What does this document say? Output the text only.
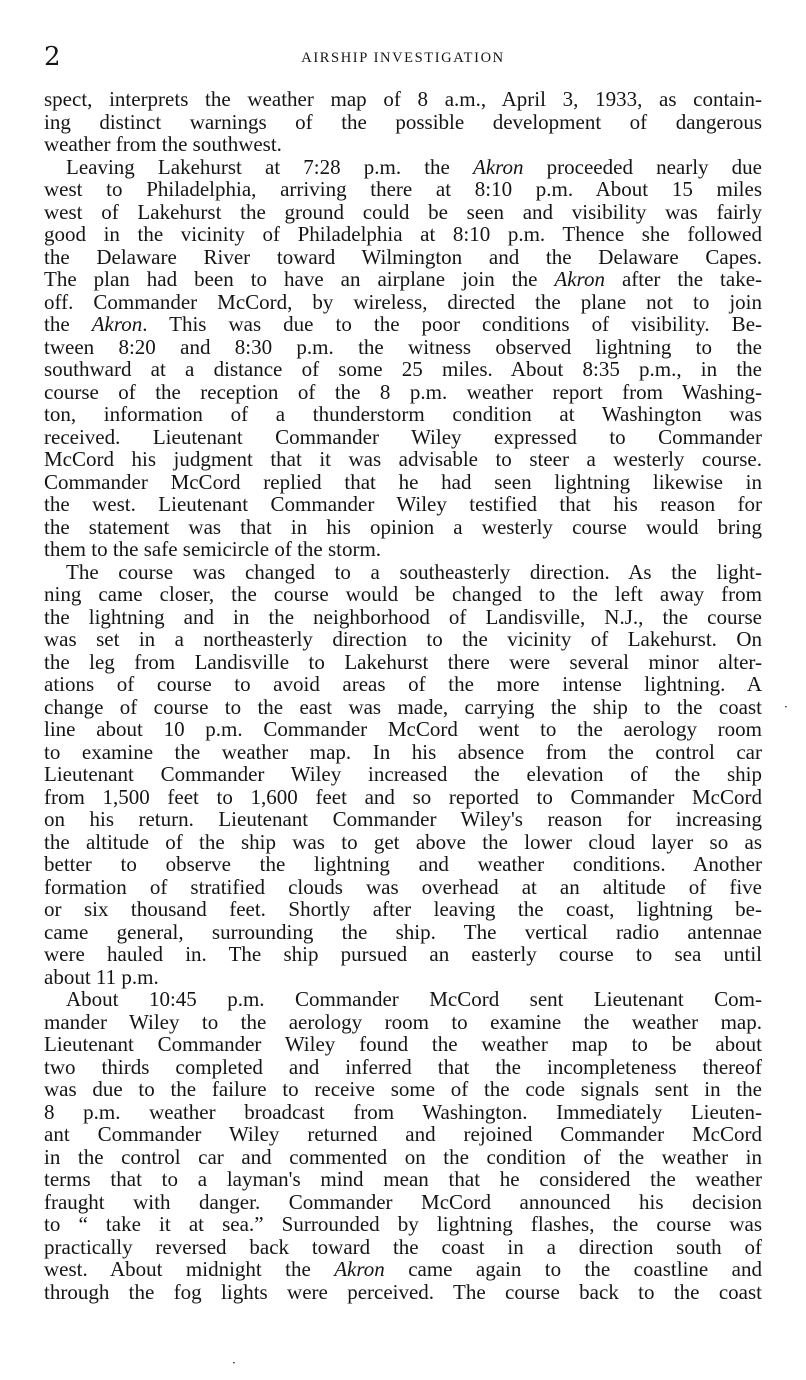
2	AIRSHIP INVESTIGATION
spect, interprets the weather map of 8 a.m., April 3, 1933, as contain-
ing distinct warnings of the possible development of dangerous
weather from the southwest.
Leaving Lakehurst at 7:28 p.m. the Akron proceeded nearly due
west to Philadelphia, arriving there at 8:10 p.m. About 15 miles
west of Lakehurst the ground could be seen and visibility was fairly
good in the vicinity of Philadelphia at 8:10 p.m. Thence she followed
the Delaware River toward Wilmington and the Delaware Capes.
The plan had been to have an airplane join the Akron after the take-
off. Commander McCord, by wireless, directed the plane not to join
the Akron. This was due to the poor conditions of visibility. Be-
tween 8:20 and 8:30 p.m. the witness observed lightning to the
southward at a distance of some 25 miles. About 8:35 p.m., in the
course of the reception of the 8 p.m. weather report from Washing-
ton, information of a thunderstorm condition at Washington was
received. Lieutenant Commander Wiley expressed to Commander
McCord his judgment that it was advisable to steer a westerly course.
Commander McCord replied that he had seen lightning likewise in
the west. Lieutenant Commander Wiley testified that his reason for
the statement was that in his opinion a westerly course would bring
them to the safe semicircle of the storm.
The course was changed to a southeasterly direction. As the light-
ning came closer, the course would be changed to the left away from
the lightning and in the neighborhood of Landisville, N.J., the course
was set in a northeasterly direction to the vicinity of Lakehurst. On
the leg from Landisville to Lakehurst there were several minor alter-
ations of course to avoid areas of the more intense lightning. A
change of course to the east was made, carrying the ship to the coast
line about 10 p.m. Commander McCord went to the aerology room
to examine the weather map. In his absence from the control car
Lieutenant Commander Wiley increased the elevation of the ship
from 1,500 feet to 1,600 feet and so reported to Commander McCord
on his return. Lieutenant Commander Wiley's reason for increasing
the altitude of the ship was to get above the lower cloud layer so as
better to observe the lightning and weather conditions. Another
formation of stratified clouds was overhead at an altitude of five
or six thousand feet. Shortly after leaving the coast, lightning be-
came general, surrounding the ship. The vertical radio antennae
were hauled in. The ship pursued an easterly course to sea until
about 11 p.m.
About 10:45 p.m. Commander McCord sent Lieutenant Com-
mander Wiley to the aerology room to examine the weather map.
Lieutenant Commander Wiley found the weather map to be about
two thirds completed and inferred that the incompleteness thereof
was due to the failure to receive some of the code signals sent in the
8 p.m. weather broadcast from Washington. Immediately Lieuten-
ant Commander Wiley returned and rejoined Commander McCord
in the control car and commented on the condition of the weather in
terms that to a layman's mind mean that he considered the weather
fraught with danger. Commander McCord announced his decision
to “ take it at sea.” Surrounded by lightning flashes, the course was
practically reversed back toward the coast in a direction south of
west. About midnight the Akron came again to the coastline and
through the fog lights were perceived. The course back to the coast
·
·
